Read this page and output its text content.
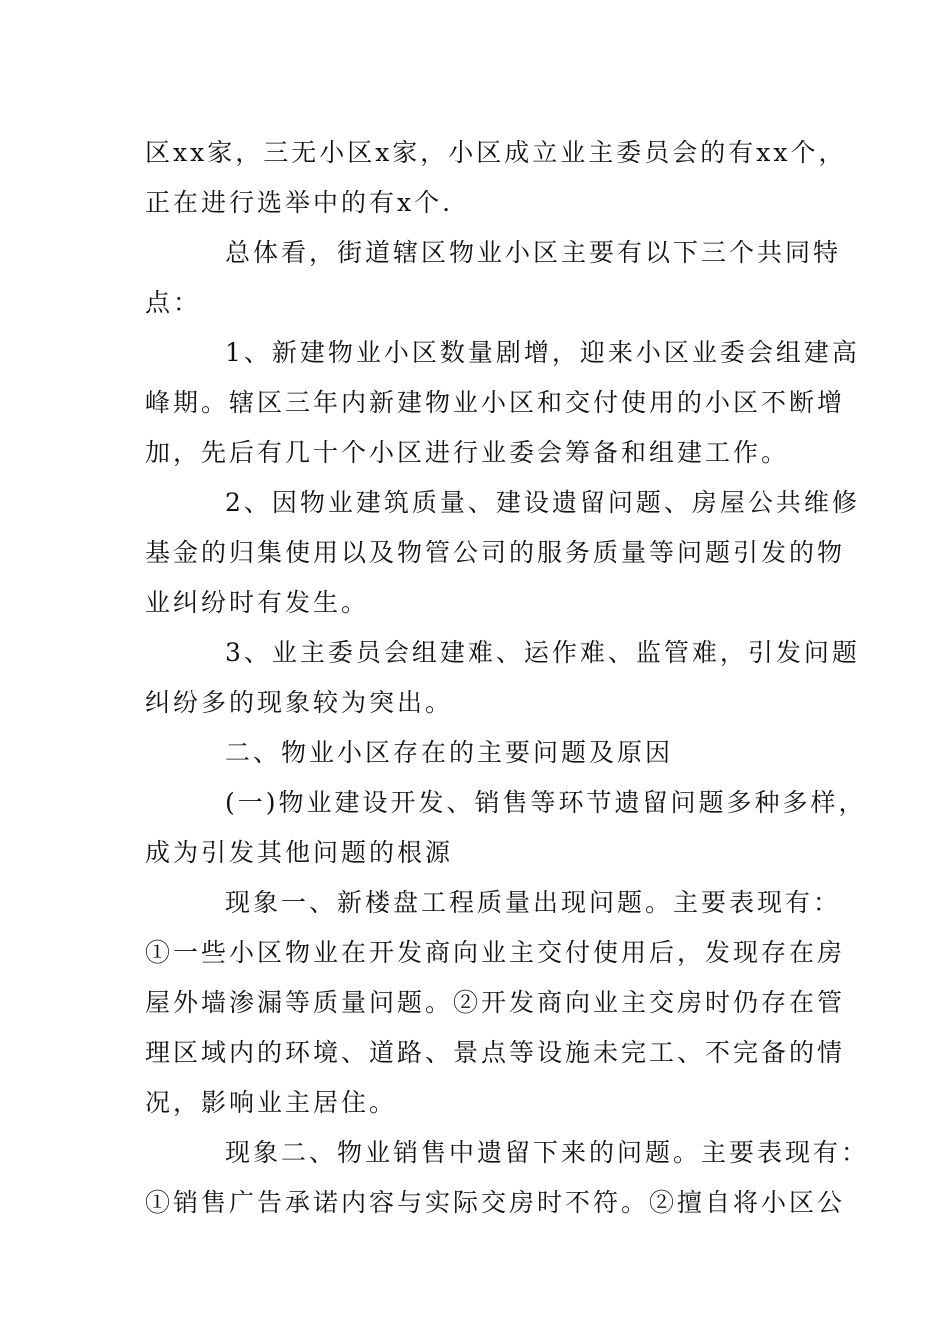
区xx家，三无小区x家，小区成立业主委员会的有xx个，
正在进行选举中的有x个.
总体看，街道辖区物业小区主要有以下三个共同特
点：
1、新建物业小区数量剧增，迎来小区业委会组建高
峰期。辖区三年内新建物业小区和交付使用的小区不断增
加，先后有几十个小区进行业委会筹备和组建工作。
2、因物业建筑质量、建设遗留问题、房屋公共维修
基金的归集使用以及物管公司的服务质量等问题引发的物
业纠纷时有发生。
3、业主委员会组建难、运作难、监管难，引发问题
纠纷多的现象较为突出。
二、物业小区存在的主要问题及原因
(一)物业建设开发、销售等环节遗留问题多种多样，
成为引发其他问题的根源
现象一、新楼盘工程质量出现问题。主要表现有：
①一些小区物业在开发商向业主交付使用后，发现存在房
屋外墙渗漏等质量问题。②开发商向业主交房时仍存在管
理区域内的环境、道路、景点等设施未完工、不完备的情
况，影响业主居住。
现象二、物业销售中遗留下来的问题。主要表现有：
①销售广告承诺内容与实际交房时不符。②擅自将小区公
